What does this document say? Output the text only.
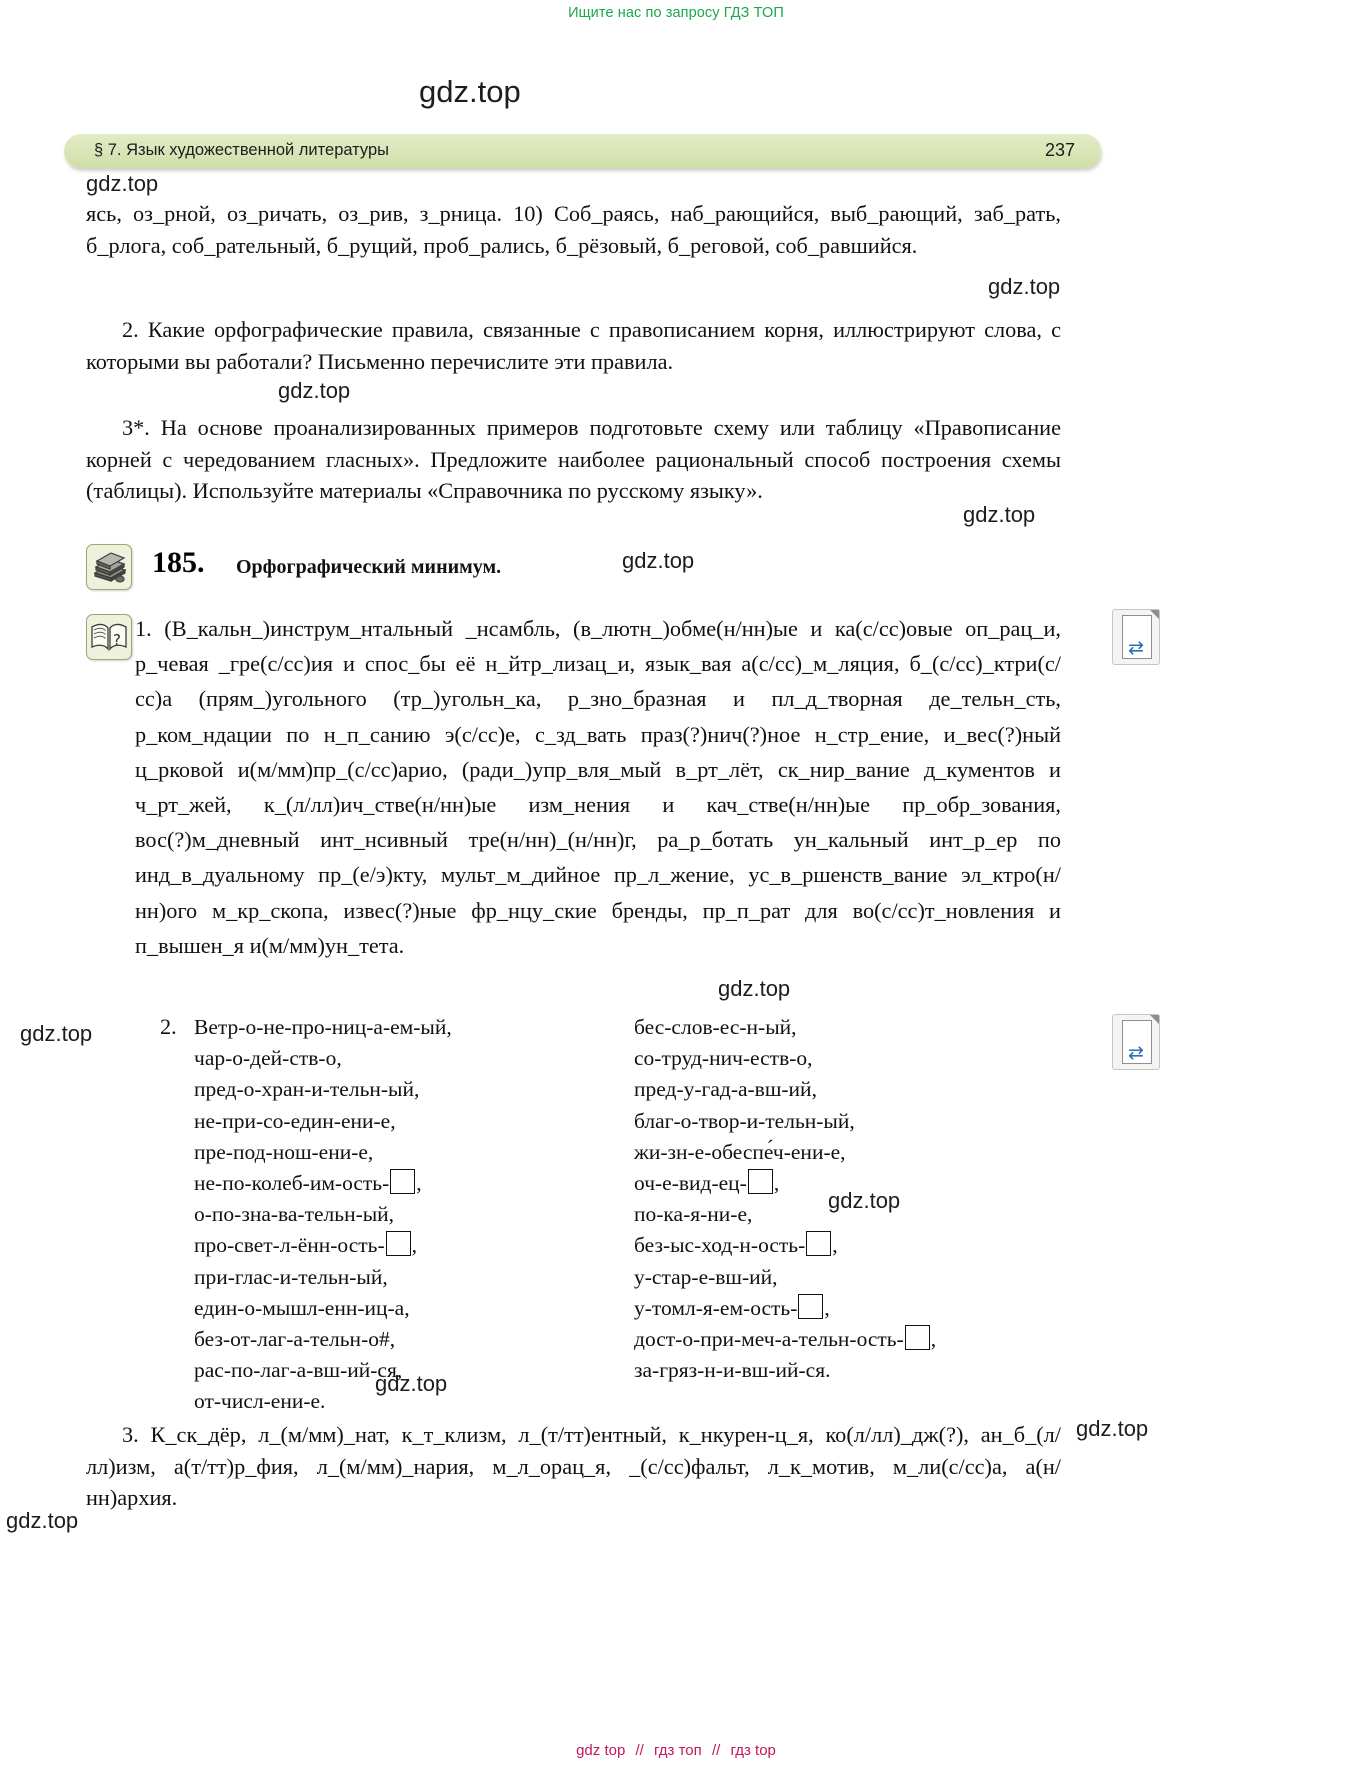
Ищите нас по запросу ГДЗ ТОП
§ 7. Язык художественной литературы	237
ясь, оз_рной, оз_ричать, оз_рив, з_рница. 10) Соб_раясь, наб_рающийся, выб_рающий, заб_рать, б_рлога, соб_рательный, б_рущий, проб_рались, б_рёзовый, б_реговой, соб_равшийся.
2. Какие орфографические правила, связанные с правописанием корня, иллюстрируют слова, с которыми вы работали? Письменно перечислите эти правила.
3*. На основе проанализированных примеров подготовьте схему или таблицу «Правописание корней с чередованием гласных». Предложите наиболее рациональный способ построения схемы (таблицы). Используйте материалы «Справочника по русскому языку».
185. Орфографический минимум.
? 1. (В_кальн_)инструм_нтальный _нсамбль, (в_лютн_)обме(н/нн)ые и ка(с/сс)овые оп_рац_и, р_чевая _гре(с/сс)ия и спос_бы её н_йтр_лизац_и, язык_вая а(с/сс)_м_ляция, б_(с/сс)_ктри(с/сс)а (прям_)угольного (тр_)угольн_ка, р_зно_бразная и пл_д_творная де_тельн_сть, р_ком_ндации по н_п_санию э(с/сс)е, с_зд_вать праз(?)нич(?)ное н_стр_ение, и_вес(?)ный ц_рковой и(м/мм)пр_(с/сс)арио, (ради_)упр_вля_мый в_рт_лёт, ск_нир_вание д_кументов и ч_рт_жей, к_(л/лл)ич_стве(н/нн)ые изм_нения и кач_стве(н/нн)ые пр_обр_зования, вос(?)м_дневный инт_нсивный тре(н/нн)_(н/нн)г, ра_р_ботать ун_кальный инт_р_ер по инд_в_дуальному пр_(е/э)кту, мульт_м_дийное пр_л_жение, ус_в_ршенств_вание эл_ктро(н/нн)ого м_кр_скопа, извес(?)ные фр_нцу_ские бренды, пр_п_рат для во(с/сс)т_новления и п_вышен_я и(м/мм)ун_тета.
2. Ветр-о-не-про-ниц-а-ем-ый,
чар-о-дей-ств-о,
пред-о-хран-и-тельн-ый,
не-при-со-един-ени-е,
пре-под-нош-ени-е,
не-по-колеб-им-ость- ,
о-по-зна-ва-тельн-ый,
про-свет-л-ённ-ость- ,
при-глас-и-тельн-ый,
един-о-мышл-енн-иц-а,
без-от-лаг-а-тельн-о#,
рас-по-лаг-а-вш-ий-ся,
от-числ-ени-е.
бес-слов-ес-н-ый,
со-труд-нич-еств-о,
пред-у-гад-а-вш-ий,
благ-о-твор-и-тельн-ый,
жи-зн-е-обеспе́ч-ени-е,
оч-е-вид-ец- ,
по-ка-я-ни-е,
без-ыс-ход-н-ость- ,
у-стар-е-вш-ий,
у-томл-я-ем-ость- ,
дост-о-при-меч-а-тельн-ость- ,
за-гряз-н-и-вш-ий-ся.
3. К_ск_дёр, л_(м/мм)_нат, к_т_клизм, л_(т/тт)ентный, к_нкурен-ц_я, ко(л/лл)_дж(?), ан_б_(л/лл)изм, а(т/тт)р_фия, л_(м/мм)_нария, м_л_орац_я, _(с/сс)фальт, л_к_мотив, м_ли(с/сс)а, а(н/нн)архия.
⇄
⇄
gdz.top
gdz.top
gdz.top
gdz.top
gdz.top
gdz.top
gdz.top
gdz.top
gdz.top
gdz.top
gdz.top
gdz.top
gdz top // гдз топ // гдз top
